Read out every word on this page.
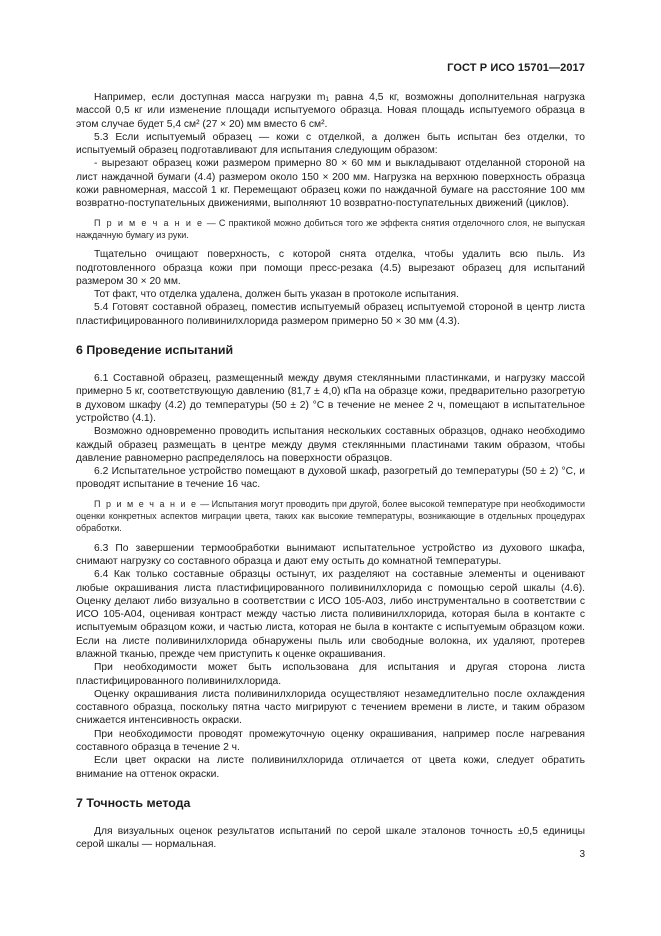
ГОСТ Р ИСО 15701—2017

Например, если доступная масса нагрузки m₁ равна 4,5 кг, возможны дополнительная нагрузка массой 0,5 кг или изменение площади испытуемого образца. Новая площадь испытуемого образца в этом случае будет 5,4 см² (27 × 20) мм вместо 6 см².

5.3 Если испытуемый образец — кожи с отделкой, а должен быть испытан без отделки, то испытуемый образец подготавливают для испытания следующим образом:

- вырезают образец кожи размером примерно 80 × 60 мм и выкладывают отделанной стороной на лист наждачной бумаги (4.4) размером около 150 × 200 мм. Нагрузка на верхнюю поверхность образца кожи равномерная, массой 1 кг. Перемещают образец кожи по наждачной бумаге на расстояние 100 мм возвратно-поступательных движениями, выполняют 10 возвратно-поступательных движений (циклов).

П р и м е ч а н и е — С практикой можно добиться того же эффекта снятия отделочного слоя, не выпуская наждачную бумагу из руки.

Тщательно очищают поверхность, с которой снята отделка, чтобы удалить всю пыль. Из подготовленного образца кожи при помощи пресс-резака (4.5) вырезают образец для испытаний размером 30 × 20 мм.

Тот факт, что отделка удалена, должен быть указан в протоколе испытания.

5.4 Готовят составной образец, поместив испытуемый образец испытуемой стороной в центр листа пластифицированного поливинилхлорида размером примерно 50 × 30 мм (4.3).

6 Проведение испытаний

6.1 Составной образец, размещенный между двумя стеклянными пластинками, и нагрузку массой примерно 5 кг, соответствующую давлению (81,7 ± 4,0) кПа на образце кожи, предварительно разогретую в духовом шкафу (4.2) до температуры (50 ± 2) °С в течение не менее 2 ч, помещают в испытательное устройство (4.1).

Возможно одновременно проводить испытания нескольких составных образцов, однако необходимо каждый образец размещать в центре между двумя стеклянными пластинами таким образом, чтобы давление равномерно распределялось на поверхности образцов.

6.2 Испытательное устройство помещают в духовой шкаф, разогретый до температуры (50 ± 2) °С, и проводят испытание в течение 16 час.

П р и м е ч а н и е — Испытания могут проводить при другой, более высокой температуре при необходимости оценки конкретных аспектов миграции цвета, таких как высокие температуры, возникающие в отдельных процедурах обработки.

6.3 По завершении термообработки вынимают испытательное устройство из духового шкафа, снимают нагрузку со составного образца и дают ему остыть до комнатной температуры.

6.4 Как только составные образцы остынут, их разделяют на составные элементы и оценивают любые окрашивания листа пластифицированного поливинилхлорида с помощью серой шкалы (4.6). Оценку делают либо визуально в соответствии с ИСО 105-А03, либо инструментально в соответствии с ИСО 105-А04, оценивая контраст между частью листа поливинилхлорида, которая была в контакте с испытуемым образцом кожи, и частью листа, которая не была в контакте с испытуемым образцом кожи. Если на листе поливинилхлорида обнаружены пыль или свободные волокна, их удаляют, протерев влажной тканью, прежде чем приступить к оценке окрашивания.

При необходимости может быть использована для испытания и другая сторона листа пластифицированного поливинилхлорида.

Оценку окрашивания листа поливинилхлорида осуществляют незамедлительно после охлаждения составного образца, поскольку пятна часто мигрируют с течением времени в листе, и таким образом снижается интенсивность окраски.

При необходимости проводят промежуточную оценку окрашивания, например после нагревания составного образца в течение 2 ч.

Если цвет окраски на листе поливинилхлорида отличается от цвета кожи, следует обратить внимание на оттенок окраски.

7 Точность метода

Для визуальных оценок результатов испытаний по серой шкале эталонов точность ±0,5 единицы серой шкалы — нормальная.

3
